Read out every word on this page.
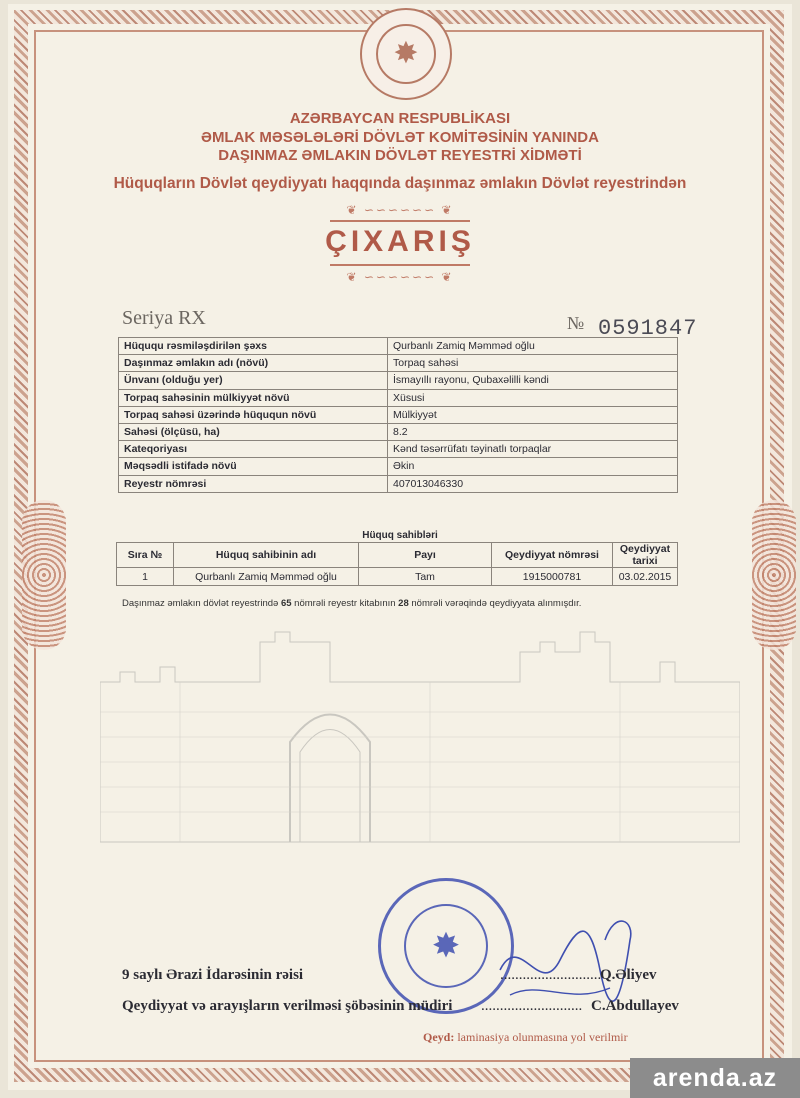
✸
AZƏRBAYCAN RESPUBLİKASI
ƏMLAK MƏSƏLƏLƏRİ DÖVLƏT KOMİTƏSİNİN YANINDA
DAŞINMAZ ƏMLAKIN DÖVLƏT REYESTRİ XİDMƏTİ
Hüquqların Dövlət qeydiyyatı haqqında daşınmaz əmlakın Dövlət reyestrindən
❦ ∽∽∽∽∽∽ ❦
ÇIXARIŞ
❦ ∽∽∽∽∽∽ ❦
Seriya RX	№ 0591847
Hüququ rəsmiləşdirilən şəxs	Qurbanlı Zamiq Məmməd oğlu
Daşınmaz əmlakın adı (növü)	Torpaq sahəsi
Ünvanı (olduğu yer)	İsmayıllı rayonu, Qubaxəlilli kəndi
Torpaq sahəsinin mülkiyyət növü	Xüsusi
Torpaq sahəsi üzərində hüququn növü	Mülkiyyət
Sahəsi (ölçüsü, ha)	8.2
Kateqoriyası	Kənd təsərrüfatı təyinatlı torpaqlar
Məqsədli istifadə növü	Əkin
Reyestr nömrəsi	407013046330
Hüquq sahibləri
Sıra №	Hüquq sahibinin adı	Payı	Qeydiyyat nömrəsi	Qeydiyyat tarixi
1	Qurbanlı Zamiq Məmməd oğlu	Tam	1915000781	03.02.2015
Daşınmaz əmlakın dövlət reyestrində 65 nömrəli reyestr kitabının 28 nömrəli vərəqində qeydiyyata alınmışdır.
✸
9 saylı Ərazi İdarəsinin rəisi	...........................
Q.Əliyev
Qeydiyyat və arayışların verilməsi şöbəsinin müdiri ........................... C.Abdullayev
Qeyd: laminasiya olunmasına yol verilmir
arenda.az
